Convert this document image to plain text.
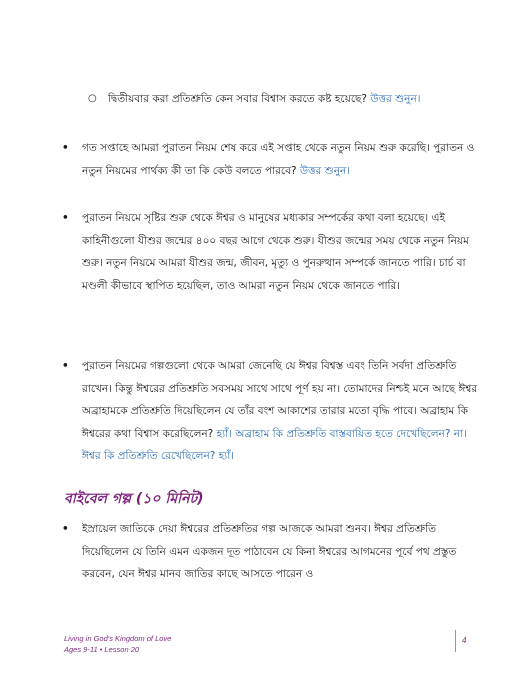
○ দ্বিতীয়বার করা প্রতিশ্রুতি কেন সবার বিশ্বাস করতে কষ্ট হয়েছে? উত্তর শুনুন।
• গত সপ্তাহে আমরা পুরাতন নিয়ম শেষ করে এই সপ্তাহ থেকে নতুন নিয়ম শুরু করেছি। পুরাতন ও নতুন নিয়মের পার্থক্য কী তা কি কেউ বলতে পারবে? উত্তর শুনুন।
• পুরাতন নিয়মে সৃষ্টির শুরু থেকে ঈশ্বর ও মানুষের মধ্যকার সম্পর্কের কথা বলা হয়েছে। এই কাহিনীগুলো যীশুর জন্মের ৪০০ বছর আগে থেকে শুরু। যীশুর জন্মের সময় থেকে নতুন নিয়ম শুরু। নতুন নিয়মে আমরা যীশুর জন্ম, জীবন, মৃত্যু ও পুনরুত্থান সম্পর্কে জানতে পারি। চার্চ বা মণ্ডলী কীভাবে স্থাপিত হয়েছিল, তাও আমরা নতুন নিয়ম থেকে জানতে পারি।
• পুরাতন নিয়মের গল্পগুলো থেকে আমরা জেনেছি যে ঈশ্বর বিশ্বস্ত এবং তিনি সর্বদা প্রতিশ্রুতি রাখেন। কিন্তু ঈশ্বরের প্রতিশ্রুতি সবসময় সাথে সাথে পূর্ণ হয় না। তোমাদের নিশ্চই মনে আছে ঈশ্বর অব্রাহামকে প্রতিশ্রুতি দিয়েছিলেন যে তাঁর বংশ আকাশের তারার মতো বৃদ্ধি পাবে। অব্রাহাম কি ঈশ্বরের কথা বিশ্বাস করেছিলেন? হ্যাঁ। অব্রাহাম কি প্রতিশ্রুতি বাস্তবায়িত হতে দেখেছিলেন? না। ঈশ্বর কি প্রতিশ্রুতি রেখেছিলেন? হ্যাঁ।
বাইবেল গল্প (১০ মিনিট)
• ইস্রায়েল জাতিকে দেয়া ঈশ্বরের প্রতিশ্রুতির গল্প আজকে আমরা শুনব। ঈশ্বর প্রতিশ্রুতি দিয়েছিলেন যে তিনি এমন একজন দূত পাঠাবেন যে কিনা ঈশ্বরের আগমনের পূর্বে পথ প্রস্তুত করবেন, যেন ঈশ্বর মানব জাতির কাছে আসতে পারেন ও
Living in God's Kingdom of Love
Ages 9-11 • Lesson 20
4
